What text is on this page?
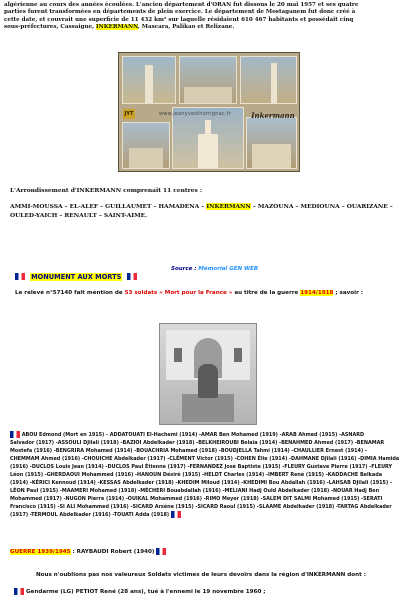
algérienne au cours des années écoulées. L'ancien département d'ORAN fut dissous le 20 mai 1957 et ses quatre
parties furent transformées en départements de plein exercice. Le département de Mostaganem fut donc créé à
cette date, et couvrait une superficie de 11 432 km² sur laquelle résidaient 610 467 habitants et possédait cinq
sous-préfectures, Cassaigne, INKERMANN, Mascara, Palikao et Relizane.
JYT	www.jeanyvesthorrignac.fr	Inkermann
L'Arrondissement d'INKERMANN comprenait 11 centres :
AMMI-MOUSSA – EL-ALEF – GUILLAUMET – HAMADENA – INKERMANN – MAZOUNA – MEDIOUNA – OUARIZANE –
OULED-YAICH – RENAULT – SAINT-AIME.
MONUMENT AUX MORTS
Source : Mémorial GEN WEB
Le relevé n°57140 fait mention de 53 soldats « Mort pour la France » au titre de la guerre 1914/1918 ; savoir :
ABOU Edmond (Mort en 1915) - ADDATOUATI El-Hachemi (1914) -AMAR Ben Mohamed (1919) -ARAB Ahmed (1915) -ASNARD
Salvador (1917) -ASSOULI DJilali (1918) -BAZIOI Abdelkader (1918) -BELKHEIROUBI Belaïa (1914) -BENAHMED Ahmed (1917) -BENAMAR
Mostefa (1916) -BENGRIRA Mohamed (1914) -BOUACHRIA Mohamed (1918) -BOUDJELLA Tahmi (1914) -CHAULLIER Ernest (1914) -
CHEMMAM Ahmed (1916) -CHOUICHE Abdelkader (1917) -CLÉMENT Victor (1915) -COHEN Élie (1914) -DAHMANE DJilali (1916) -DIMIA Hamida
(1916) -DUCLOS Louis Jean (1914) -DUCLOS Paul Étienne (1917) -FERNANDEZ José Baptiste (1915) -FLEURY Gustave Pierre (1917) -FLEURY
Léon (1915) -GHERDAOUI Mohammed (1916) -HANOUN Désiré (1915) -HELDT Charles (1914) -IMBERT René (1915) -KADDACHE Belkada
(1914) -KÉRICI Kennoud (1914) -KESSAS Abdelkader (1918) -KHEDIM Miloud (1914) -KHEDIMI Bou Abdallah (1916) -LAHSAB DJilali (1915) -
LÉON Paul (1915) -MAAMERI Mohamed (1918) -MÉCHERI Bouabdallah (1916) -MELIANI Hadj Ould Abdelkader (1918) -NOUAR Hadj Ben
Mohammed (1917) -NUGON Pierre (1914) -OUIKAL Mohammed (1916) -RIMO Meyer (1918) -SALEM DIT SALMI Mohamed (1915) -SERATI
Francisco (1915) -SI ALI Mohammed (1916) -SICARD Arsène (1915) -SICARD Raoul (1915) -SLAAME Abdelkader (1918) -TARTAG Abdelkader
(1917) -TERMOUL Abdelkader (1916) -TOUATI Adda (1918)
GUERRE 1939/1945 : RAYBAUDI Robert (1940)
Nous n'oublions pas nos valeureux Soldats victimes de leurs devoirs dans la région d'INKERMANN dont :
Gendarme (LG) PETIOT René (28 ans), tué à l'ennemi le 19 novembre 1960 ;
